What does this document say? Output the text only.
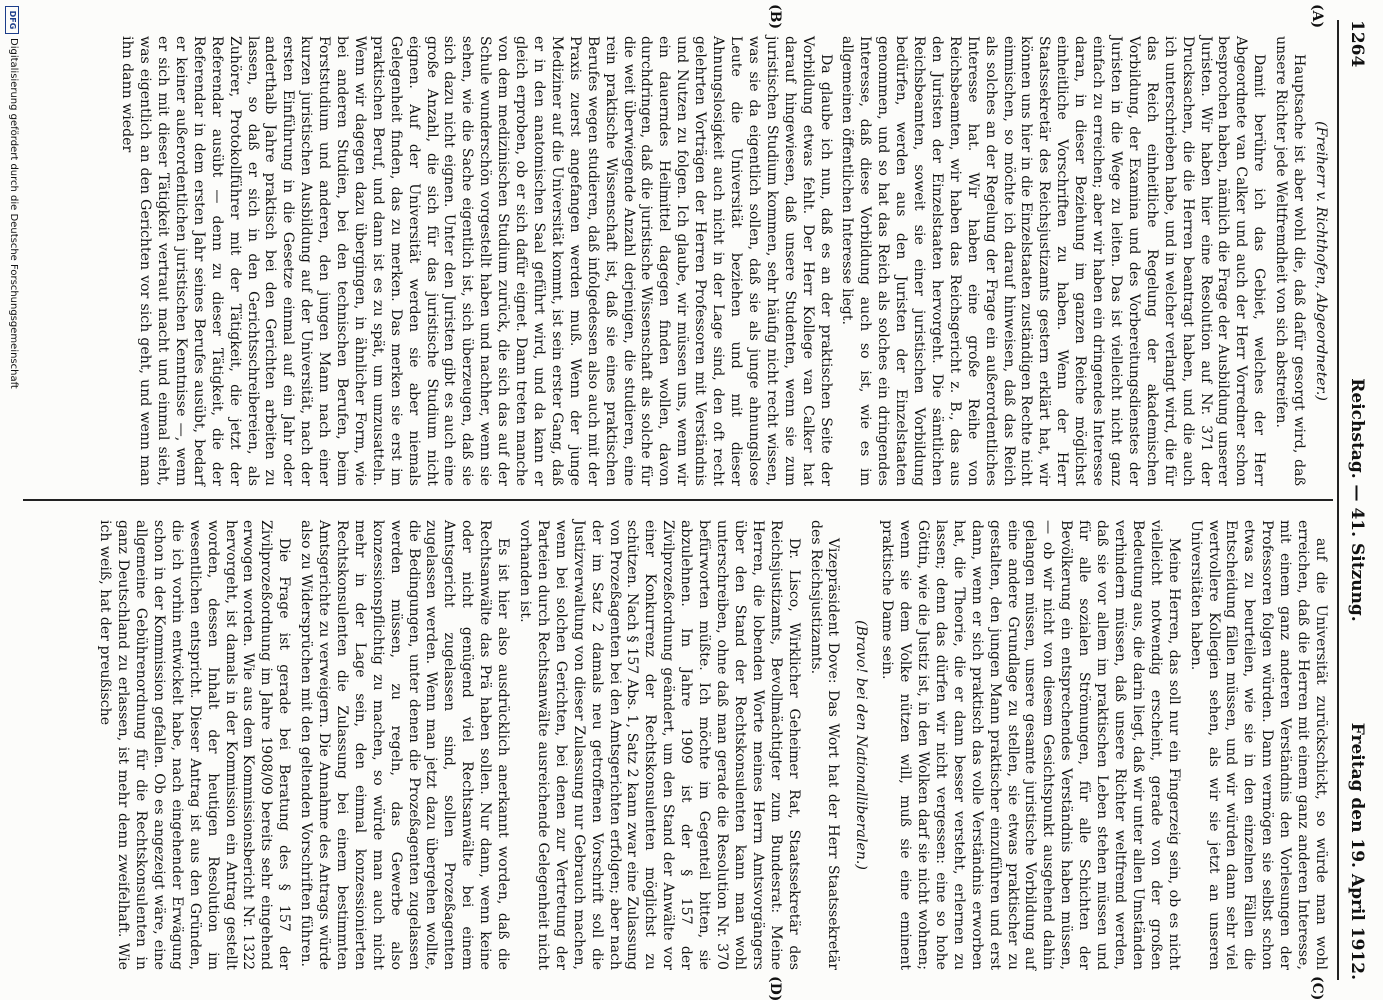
1264
Reichstag. — 41. Sitzung.
Freitag den 19. April 1912.
(A)
(B)
(C)
(D)
(Freiherr v. Richthofen, Abgeordneter.)

Hauptsache ist aber wohl die, daß dafür gesorgt wird, daß unsere Richter jede Weltfremdheit von sich abstreifen.

Damit berühre ich das Gebiet, welches der Herr Abgeordnete van Calker und auch der Herr Vorredner schon besprochen haben, nämlich die Frage der Ausbildung unserer Juristen. Wir haben hier eine Resolution auf Nr. 371 der Drucksachen, die die Herren beantragt haben, und die auch ich unterschrieben habe, und in welcher verlangt wird, die für das Reich einheitliche Regelung der akademischen Vorbildung, der Examina und des Vorbereitungsdienstes der Juristen in die Wege zu leiten. Das ist vielleicht nicht ganz einfach zu erreichen; aber wir haben ein dringendes Interesse daran, in dieser Beziehung im ganzen Reiche möglichst einheitliche Vorschriften zu haben. Wenn der Herr Staatssekretär des Reichsjustizamts gestern erklärt hat, wir können uns hier in die Einzelstaaten zuständigen Rechte nicht einmischen, so möchte ich darauf hinweisen, daß das Reich als solches an der Regelung der Frage ein außerordentliches Interesse hat. Wir haben eine große Reihe von Reichsbeamten, wir haben das Reichsgericht z. B., das aus den Juristen der Einzelstaaten hervorgeht. Die sämtlichen Reichsbeamten, soweit sie einer juristischen Vorbildung bedürfen, werden aus den Juristen der Einzelstaaten genommen, und so hat das Reich als solches ein dringendes Interesse, daß diese Vorbildung auch so ist, wie es im allgemeinen öffentlichen Interesse liegt.

Da glaube ich nun, daß es an der praktischen Seite der Vorbildung etwas fehlt. Der Herr Kollege van Calker hat darauf hingewiesen, daß unsere Studenten, wenn sie zum juristischen Studium kommen, sehr häufig nicht recht wissen, was sie da eigentlich sollen, daß sie als junge ahnungslose Leute die Universität beziehen und mit dieser Ahnungslosigkeit auch nicht in der Lage sind, den oft recht gelehrten Vorträgen der Herren Professoren mit Verständnis und Nutzen zu folgen. Ich glaube, wir müssen uns, wenn wir ein dauerndes Heilmittel dagegen finden wollen, davon durchdringen, daß die juristische Wissenschaft als solche für die weit überwiegende Anzahl derjenigen, die studieren, eine rein praktische Wissenschaft ist, daß sie eines praktischen Berufes wegen studieren, daß infolgedessen also auch mit der Praxis zuerst angefangen werden muß. Wenn der junge Mediziner auf die Universität kommt, ist sein erster Gang, daß er in den anatomischen Saal geführt wird, und da kann er gleich erproben, ob er sich dafür eignet. Dann treten manche von dem medizinischen Studium zurück, die sich das auf der Schule wunderschön vorgestellt haben und nachher, wenn sie sehen, wie die Sache eigentlich ist, sich überzeugen, daß sie sich dazu nicht eignen. Unter den Juristen gibt es auch eine große Anzahl, die sich für das juristische Studium nicht eignen. Auf der Universität werden sie aber niemals Gelegenheit finden, das zu merken. Das merken sie erst im praktischen Beruf, und dann ist es zu spät, um umzusatteln. Wenn wir dagegen dazu übergingen, in ähnlicher Form, wie bei anderen Studien, bei den technischen Berufen, beim Forststudium und anderen, den jungen Mann nach einer kurzen juristischen Ausbildung auf der Universität, nach der ersten Einführung in die Gesetze einmal auf ein Jahr oder anderthalb Jahre praktisch bei den Gerichten arbeiten zu lassen, so daß er sich in den Gerichtsschreibereien, als Zuhörer, Protokollführer mit der Tätigkeit, die jetzt der Referendar ausübt — denn zu dieser Tätigkeit, die der Referendar in dem ersten Jahr seines Berufes ausübt, bedarf er keiner außerordentlichen juristischen Kenntnisse —, wenn er sich mit dieser Tätigkeit vertraut macht und einmal sieht, was eigentlich an den Gerichten vor sich geht, und wenn man ihn dann wieder

auf die Universität zurückschickt, so würde man wohl erreichen, daß die Herren mit einem ganz anderen Interesse, mit einem ganz anderen Verständnis den Vorlesungen der Professoren folgen würden. Dann vermögen sie selbst schon etwas zu beurteilen, wie sie in den einzelnen Fällen die Entscheidung fällen müssen, und wir würden dann sehr viel wertvollere Kollegien sehen, als wir sie jetzt an unseren Universitäten haben.

Meine Herren, das soll nur ein Fingerzeig sein, ob es nicht vielleicht notwendig erscheint, gerade von der großen Bedeutung aus, die darin liegt, daß wir unter allen Umständen verhindern müssen, daß unsere Richter weltfremd werden, daß sie vor allem im praktischen Leben stehen müssen und für alle sozialen Strömungen, für alle Schichten der Bevölkerung ein entsprechendes Verständnis haben müssen, — ob wir nicht von diesem Gesichtspunkt ausgehend dahin gelangen müssen, unsere gesamte juristische Vorbildung auf eine andere Grundlage zu stellen, sie etwas praktischer zu gestalten, den jungen Mann praktischer einzuführen und erst dann, wenn er sich praktisch das volle Verständnis erworben hat, die Theorie, die er dann besser versteht, erlernen zu lassen; denn das dürfen wir nicht vergessen: eine so hohe Göttin, wie die Justiz ist, in den Wolken darf sie nicht wohnen; wenn sie dem Volke nützen will, muß sie eine eminent praktische Dame sein.

(Bravo! bei den Nationalliberalen.)

Vizepräsident Dove: Das Wort hat der Herr Staatssekretär des Reichsjustizamts.

Dr. Lisco, Wirklicher Geheimer Rat, Staatssekretär des Reichsjustizamts, Bevollmächtigter zum Bundesrat: Meine Herren, die lobenden Worte meines Herrn Amtsvorgängers über den Stand der Rechtskonsulenten kann man wohl unterschreiben, ohne daß man gerade die Resolution Nr. 370 befürworten müßte. Ich möchte im Gegenteil bitten, sie abzulehnen. Im Jahre 1909 ist der § 157 der Zivilprozeßordnung geändert, um den Stand der Anwälte vor einer Konkurrenz der Rechtskonsulenten möglichst zu schützen. Nach § 157 Abs. 1, Satz 2 kann zwar eine Zulassung von Prozeßagenten bei den Amtsgerichten erfolgen; aber nach der im Satz 2 damals neu getroffenen Vorschrift soll die Justizverwaltung von dieser Zulassung nur Gebrauch machen, wenn bei solchen Gerichten, bei denen zur Vertretung der Parteien durch Rechtsanwälte ausreichende Gelegenheit nicht vorhanden ist.

Es ist hier also ausdrücklich anerkannt worden, daß die Rechtsanwälte das Prä haben sollen. Nur dann, wenn keine oder nicht genügend viel Rechtsanwälte bei einem Amtsgericht zugelassen sind, sollen Prozeßagenten zugelassen werden. Wenn man jetzt dazu übergehen wollte, die Bedingungen, unter denen die Prozeßagenten zugelassen werden müssen, zu regeln, das Gewerbe also konzessionspflichtig zu machen, so würde man auch nicht mehr in der Lage sein, den einmal konzessionierten Rechtskonsulenten die Zulassung bei einem bestimmten Amtsgerichte zu verweigern. Die Annahme des Antrags würde also zu Widersprüchen mit den geltenden Vorschriften führen.

Die Frage ist gerade bei Beratung des § 157 der Zivilprozeßordnung im Jahre 1908/09 bereits sehr eingehend erwogen worden. Wie aus dem Kommissionsbericht Nr. 1322 hervorgeht, ist damals in der Kommission ein Antrag gestellt worden, dessen Inhalt der heutigen Resolution im wesentlichen entspricht. Dieser Antrag ist aus den Gründen, die ich vorhin entwickelt habe, nach eingehender Erwägung schon in der Kommission gefallen. Ob es angezeigt wäre, eine allgemeine Gebührenordnung für die Rechtskonsulenten in ganz Deutschland zu erlassen, ist mehr denn zweifelhaft. Wie ich weiß, hat der preußische

DFG
Digitalisierung gefördert durch die Deutsche Forschungsgemeinschaft
